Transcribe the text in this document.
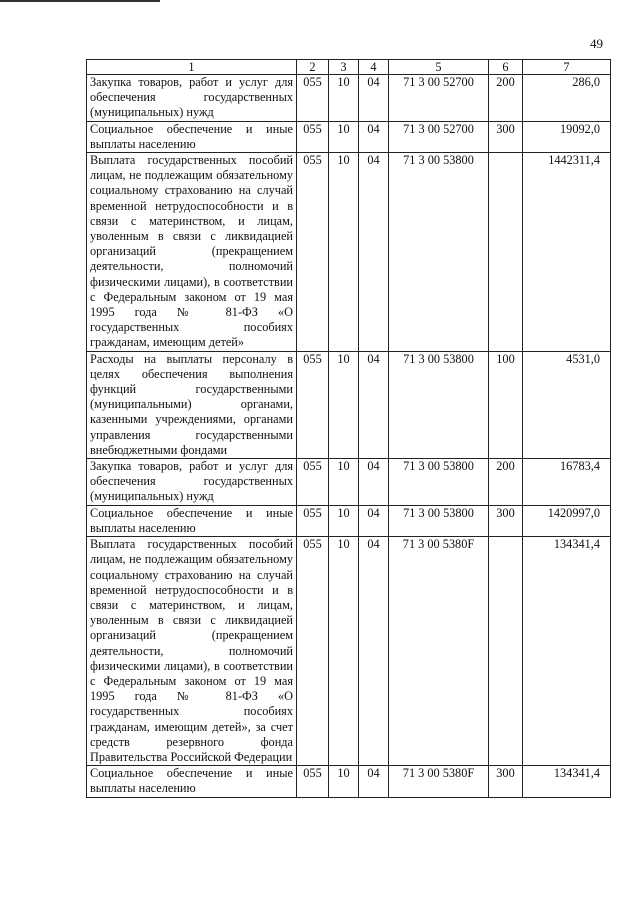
49
1	2	3	4	5	6	7
Закупка товаров, работ и услуг для обеспечения государственных (муниципальных) нужд	055	10	04	71 3 00 52700	200	286,0
Социальное обеспечение и иные выплаты населению	055	10	04	71 3 00 52700	300	19092,0
Выплата государственных пособий лицам, не подлежащим обязательному социальному страхованию на случай временной нетрудоспособности и в связи с материнством, и лицам, уволенным в связи с ликвидацией организаций (прекращением деятельности, полномочий физическими лицами), в соответствии с Федеральным законом от 19 мая 1995 года № 81-ФЗ «О государственных пособиях гражданам, имеющим детей»	055	10	04	71 3 00 53800		1442311,4
Расходы на выплаты персоналу в целях обеспечения выполнения функций государственными (муниципальными) органами, казенными учреждениями, органами управления государственными внебюджетными фондами	055	10	04	71 3 00 53800	100	4531,0
Закупка товаров, работ и услуг для обеспечения государственных (муниципальных) нужд	055	10	04	71 3 00 53800	200	16783,4
Социальное обеспечение и иные выплаты населению	055	10	04	71 3 00 53800	300	1420997,0
Выплата государственных пособий лицам, не подлежащим обязательному социальному страхованию на случай временной нетрудоспособности и в связи с материнством, и лицам, уволенным в связи с ликвидацией организаций (прекращением деятельности, полномочий физическими лицами), в соответствии с Федеральным законом от 19 мая 1995 года № 81-ФЗ «О государственных пособиях гражданам, имеющим детей», за счет средств резервного фонда Правительства Российской Федерации	055	10	04	71 3 00 5380F		134341,4
Социальное обеспечение и иные выплаты населению	055	10	04	71 3 00 5380F	300	134341,4
